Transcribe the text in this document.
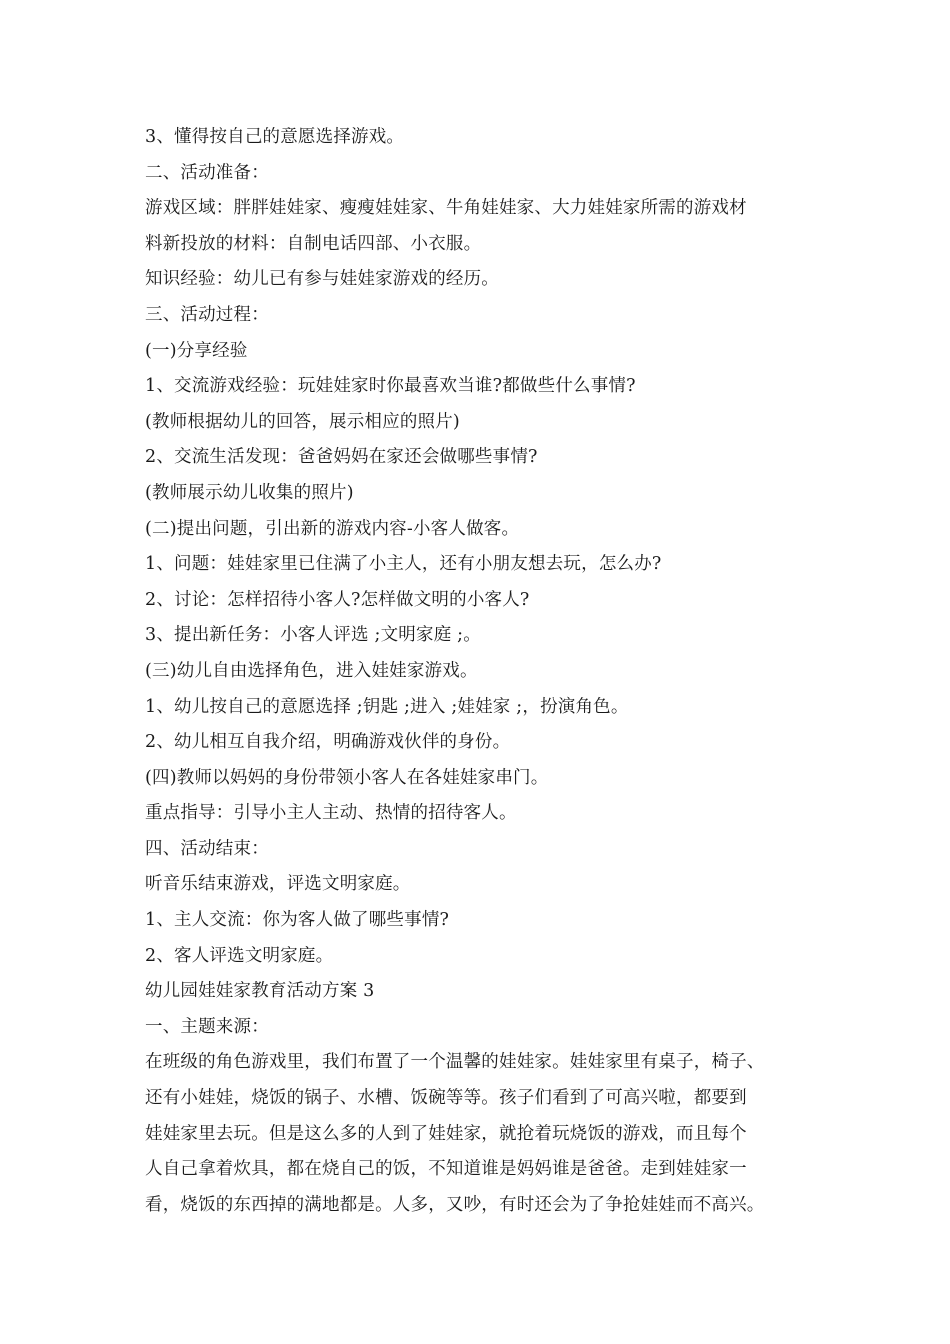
3、懂得按自己的意愿选择游戏。
二、活动准备：
游戏区域：胖胖娃娃家、瘦瘦娃娃家、牛角娃娃家、大力娃娃家所需的游戏材
料新投放的材料：自制电话四部、小衣服。
知识经验：幼儿已有参与娃娃家游戏的经历。
三、活动过程：
(一)分享经验
1、交流游戏经验：玩娃娃家时你最喜欢当谁?都做些什么事情?
(教师根据幼儿的回答，展示相应的照片)
2、交流生活发现：爸爸妈妈在家还会做哪些事情?
(教师展示幼儿收集的照片)
(二)提出问题，引出新的游戏内容-小客人做客。
1、问题：娃娃家里已住满了小主人，还有小朋友想去玩，怎么办?
2、讨论：怎样招待小客人?怎样做文明的小客人?
3、提出新任务：小客人评选 ;文明家庭 ;。
(三)幼儿自由选择角色，进入娃娃家游戏。
1、幼儿按自己的意愿选择 ;钥匙 ;进入 ;娃娃家 ;，扮演角色。
2、幼儿相互自我介绍，明确游戏伙伴的身份。
(四)教师以妈妈的身份带领小客人在各娃娃家串门。
重点指导：引导小主人主动、热情的招待客人。
四、活动结束：
听音乐结束游戏，评选文明家庭。
1、主人交流：你为客人做了哪些事情?
2、客人评选文明家庭。
幼儿园娃娃家教育活动方案 3
一、主题来源：
在班级的角色游戏里，我们布置了一个温馨的娃娃家。娃娃家里有桌子，椅子、
还有小娃娃，烧饭的锅子、水槽、饭碗等等。孩子们看到了可高兴啦，都要到
娃娃家里去玩。但是这么多的人到了娃娃家，就抢着玩烧饭的游戏，而且每个
人自己拿着炊具，都在烧自己的饭，不知道谁是妈妈谁是爸爸。走到娃娃家一
看，烧饭的东西掉的满地都是。人多，又吵，有时还会为了争抢娃娃而不高兴。
